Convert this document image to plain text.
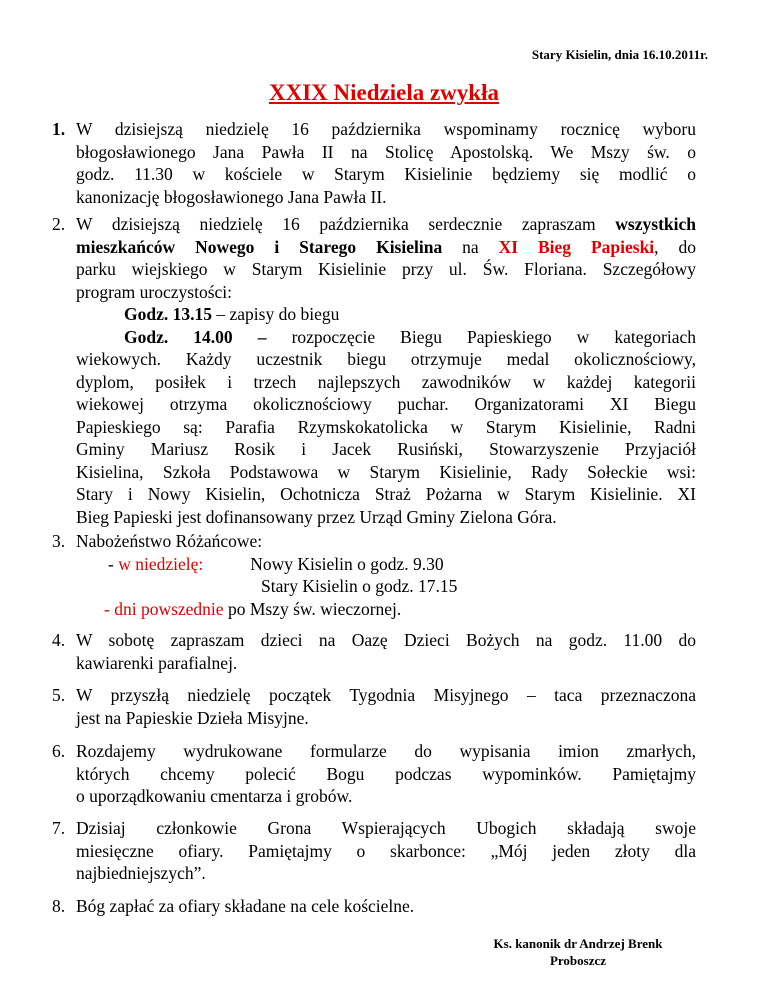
Stary Kisielin, dnia 16.10.2011r.
XXIX Niedziela zwykła
1. W dzisiejszą niedzielę 16 października wspominamy rocznicę wyboru
błogosławionego Jana Pawła II na Stolicę Apostolską. We Mszy św. o
godz. 11.30 w kościele w Starym Kisielinie będziemy się modlić o
kanonizację błogosławionego Jana Pawła II.
2. W dzisiejszą niedzielę 16 października serdecznie zapraszam wszystkich
mieszkańców Nowego i Starego Kisielina na XI Bieg Papieski, do
parku wiejskiego w Starym Kisielinie przy ul. Św. Floriana. Szczegółowy
program uroczystości:
Godz. 13.15 – zapisy do biegu
Godz. 14.00 – rozpoczęcie Biegu Papieskiego w kategoriach
wiekowych. Każdy uczestnik biegu otrzymuje medal okolicznościowy,
dyplom, posiłek i trzech najlepszych zawodników w każdej kategorii
wiekowej otrzyma okolicznościowy puchar. Organizatorami XI Biegu
Papieskiego są: Parafia Rzymskokatolicka w Starym Kisielinie, Radni
Gminy Mariusz Rosik i Jacek Rusiński, Stowarzyszenie Przyjaciół
Kisielina, Szkoła Podstawowa w Starym Kisielinie, Rady Sołeckie wsi:
Stary i Nowy Kisielin, Ochotnicza Straż Pożarna w Starym Kisielinie. XI
Bieg Papieski jest dofinansowany przez Urząd Gminy Zielona Góra.
3. Nabożeństwo Różańcowe:
- w niedzielę:	Nowy Kisielin o godz. 9.30
Stary Kisielin o godz. 17.15
- dni powszednie po Mszy św. wieczornej.
4. W sobotę zapraszam dzieci na Oazę Dzieci Bożych na godz. 11.00 do
kawiarenki parafialnej.
5. W przyszłą niedzielę początek Tygodnia Misyjnego – taca przeznaczona
jest na Papieskie Dzieła Misyjne.
6. Rozdajemy wydrukowane formularze do wypisania imion zmarłych,
których chcemy polecić Bogu podczas wypominków. Pamiętajmy
o uporządkowaniu cmentarza i grobów.
7. Dzisiaj członkowie Grona Wspierających Ubogich składają swoje
miesięczne ofiary. Pamiętajmy o skarbonce: „Mój jeden złoty dla
najbiedniejszych”.
8. Bóg zapłać za ofiary składane na cele kościelne.
Ks. kanonik dr Andrzej Brenk
Proboszcz
